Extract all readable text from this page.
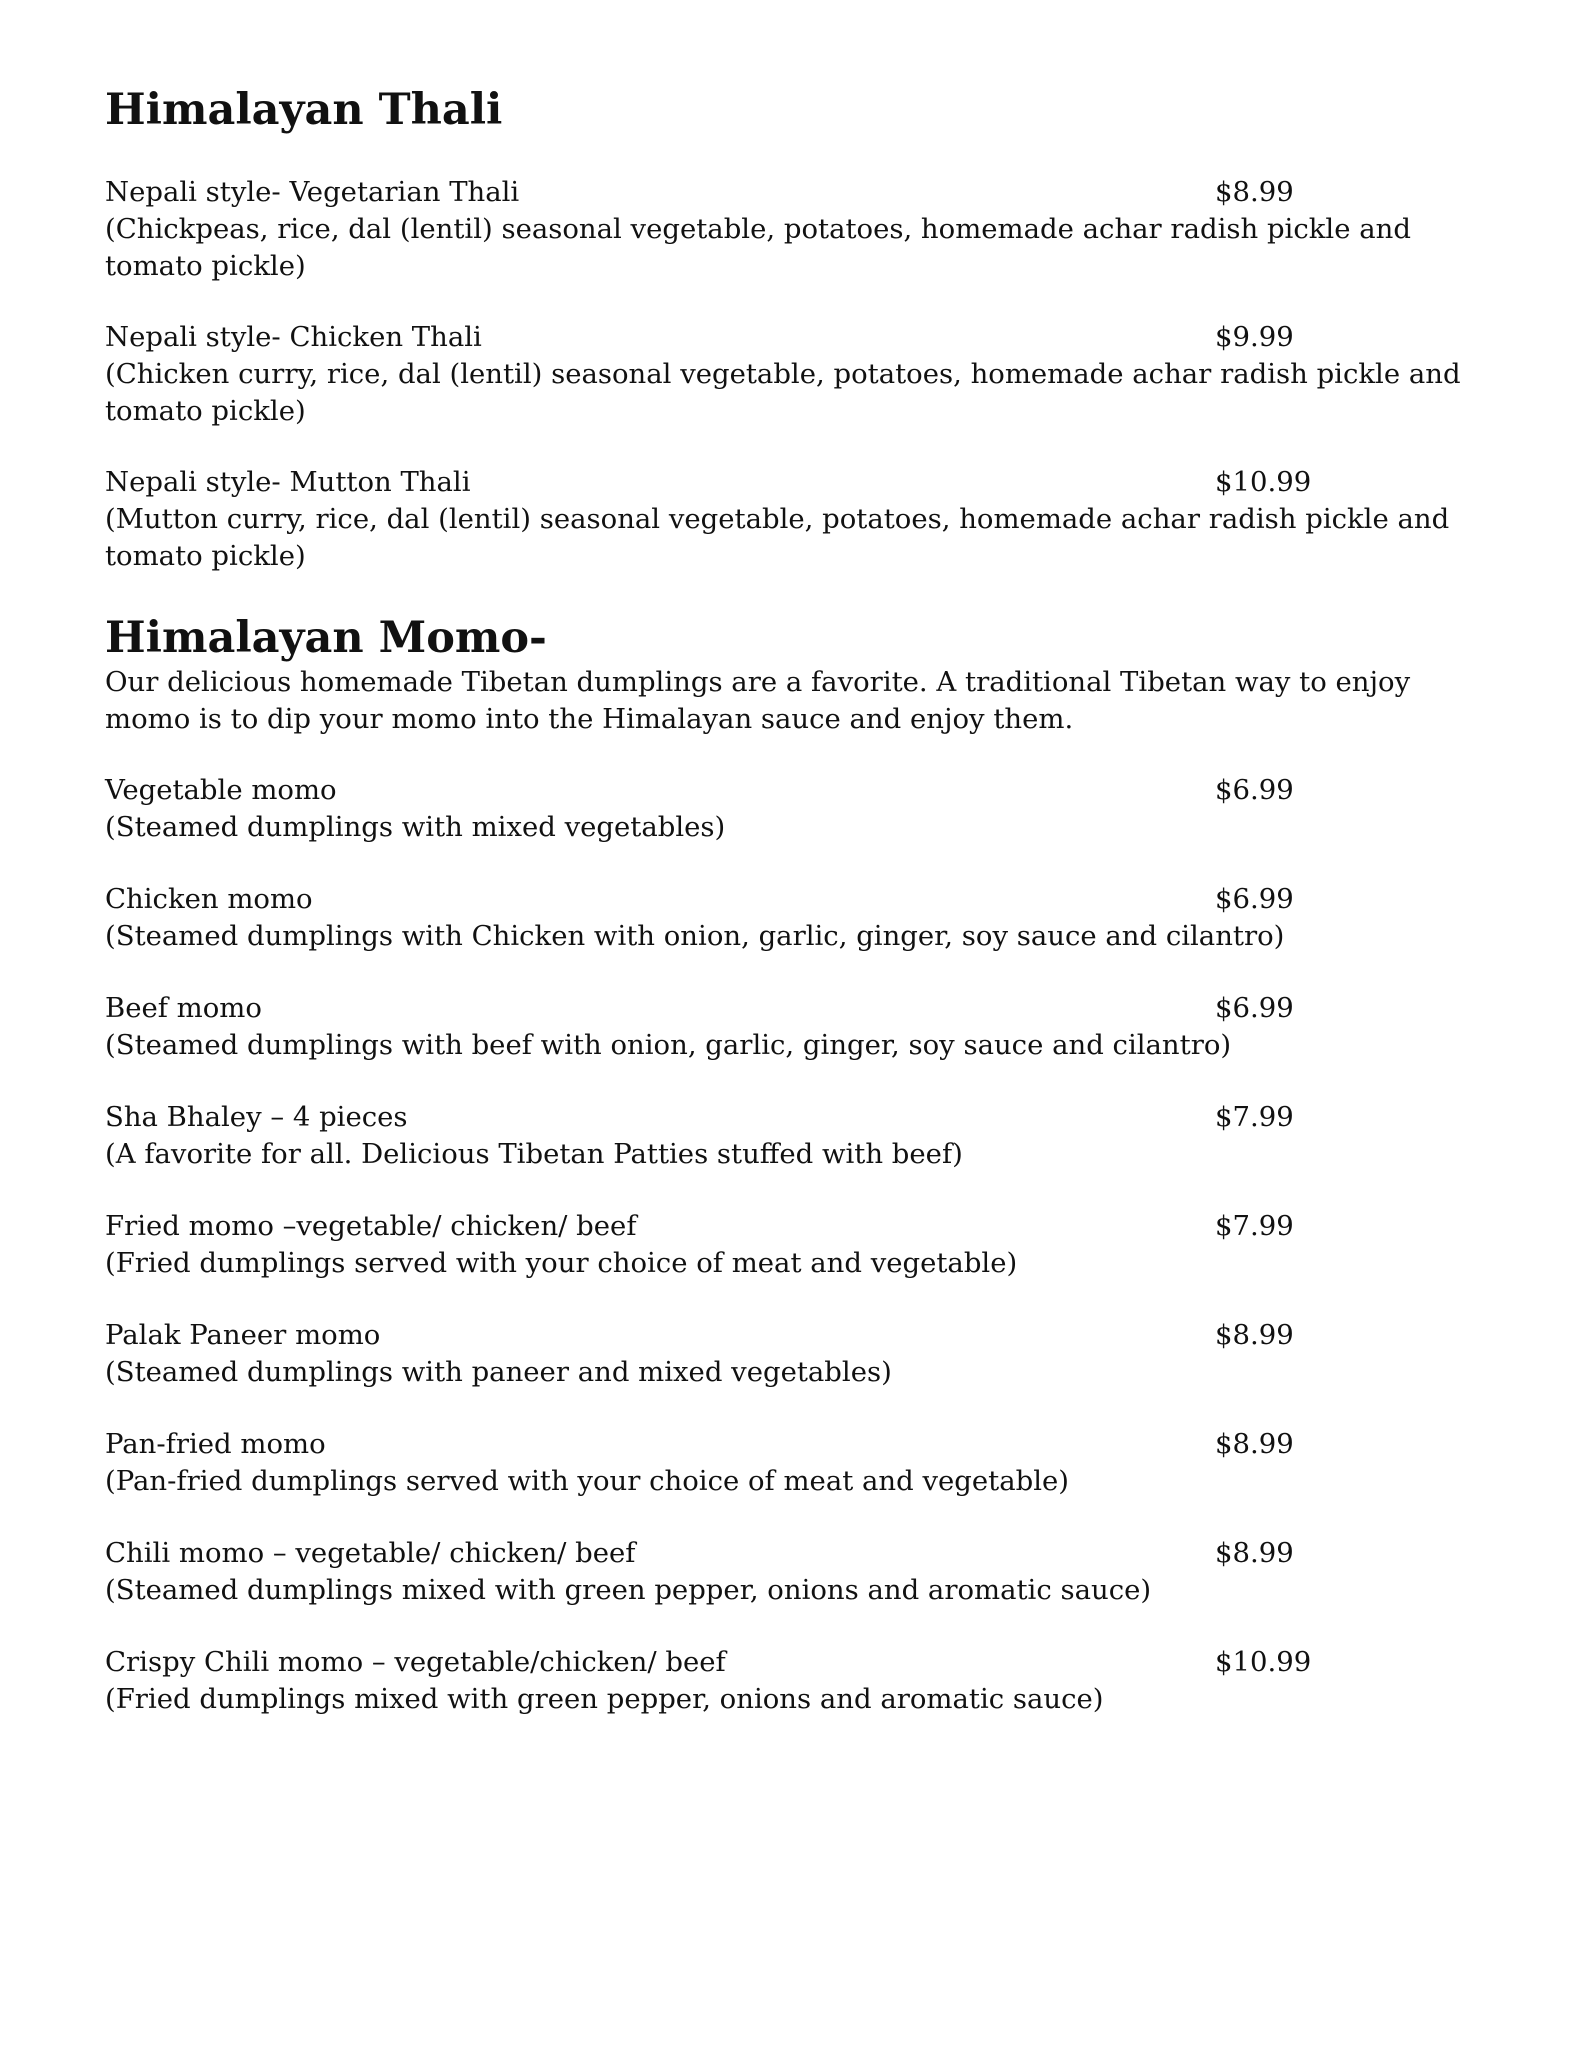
Himalayan Thali
Nepali style- Vegetarian Thali	$8.99

(Chickpeas, rice, dal (lentil) seasonal vegetable, potatoes, homemade achar radish pickle and tomato pickle)

Nepali style- Chicken Thali	$9.99

(Chicken curry, rice, dal (lentil) seasonal vegetable, potatoes, homemade achar radish pickle and tomato pickle)

Nepali style- Mutton Thali	$10.99

(Mutton curry, rice, dal (lentil) seasonal vegetable, potatoes, homemade achar radish pickle and tomato pickle)

Himalayan Momo-

Our delicious homemade Tibetan dumplings are a favorite. A traditional Tibetan way to enjoy momo is to dip your momo into the Himalayan sauce and enjoy them.

Vegetable momo	$6.99

(Steamed dumplings with mixed vegetables)

Chicken momo	$6.99

(Steamed dumplings with Chicken with onion, garlic, ginger, soy sauce and cilantro)

Beef momo	$6.99

(Steamed dumplings with beef with onion, garlic, ginger, soy sauce and cilantro)

Sha Bhaley – 4 pieces	$7.99

(A favorite for all. Delicious Tibetan Patties stuffed with beef)

Fried momo –vegetable/ chicken/ beef	$7.99

(Fried dumplings served with your choice of meat and vegetable)

Palak Paneer momo	$8.99

(Steamed dumplings with paneer and mixed vegetables)

Pan-fried momo	$8.99

(Pan-fried dumplings served with your choice of meat and vegetable)

Chili momo – vegetable/ chicken/ beef	$8.99

(Steamed dumplings mixed with green pepper, onions and aromatic sauce)

Crispy Chili momo – vegetable/chicken/ beef	$10.99

(Fried dumplings mixed with green pepper, onions and aromatic sauce)
